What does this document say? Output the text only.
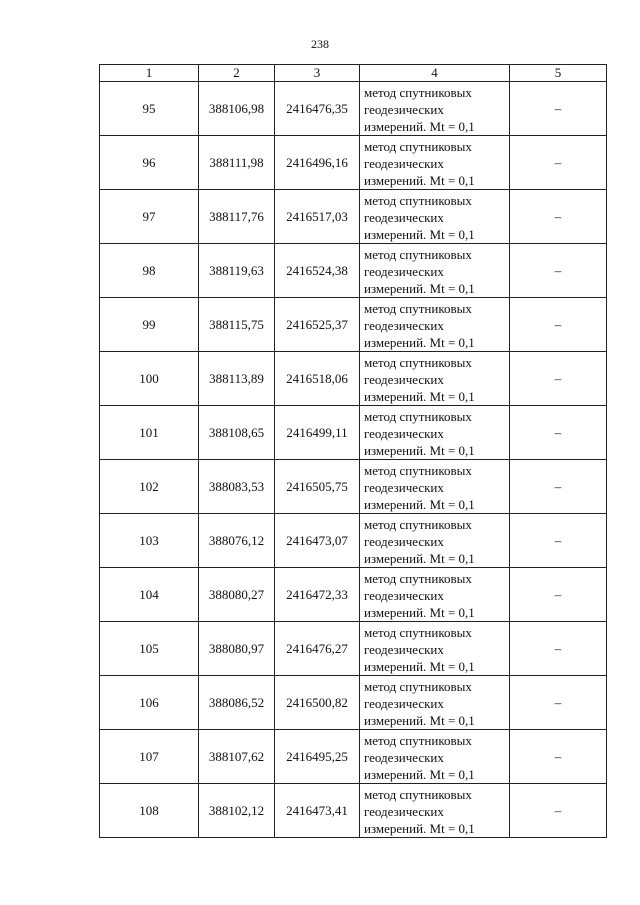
238
1	2	3	4	5
95	388106,98	2416476,35	метод спутниковых
геодезических
измерений. Mt = 0,1	–
96	388111,98	2416496,16	метод спутниковых
геодезических
измерений. Mt = 0,1	–
97	388117,76	2416517,03	метод спутниковых
геодезических
измерений. Mt = 0,1	–
98	388119,63	2416524,38	метод спутниковых
геодезических
измерений. Mt = 0,1	–
99	388115,75	2416525,37	метод спутниковых
геодезических
измерений. Mt = 0,1	–
100	388113,89	2416518,06	метод спутниковых
геодезических
измерений. Mt = 0,1	–
101	388108,65	2416499,11	метод спутниковых
геодезических
измерений. Mt = 0,1	–
102	388083,53	2416505,75	метод спутниковых
геодезических
измерений. Mt = 0,1	–
103	388076,12	2416473,07	метод спутниковых
геодезических
измерений. Mt = 0,1	–
104	388080,27	2416472,33	метод спутниковых
геодезических
измерений. Mt = 0,1	–
105	388080,97	2416476,27	метод спутниковых
геодезических
измерений. Mt = 0,1	–
106	388086,52	2416500,82	метод спутниковых
геодезических
измерений. Mt = 0,1	–
107	388107,62	2416495,25	метод спутниковых
геодезических
измерений. Mt = 0,1	–
108	388102,12	2416473,41	метод спутниковых
геодезических
измерений. Mt = 0,1	–
